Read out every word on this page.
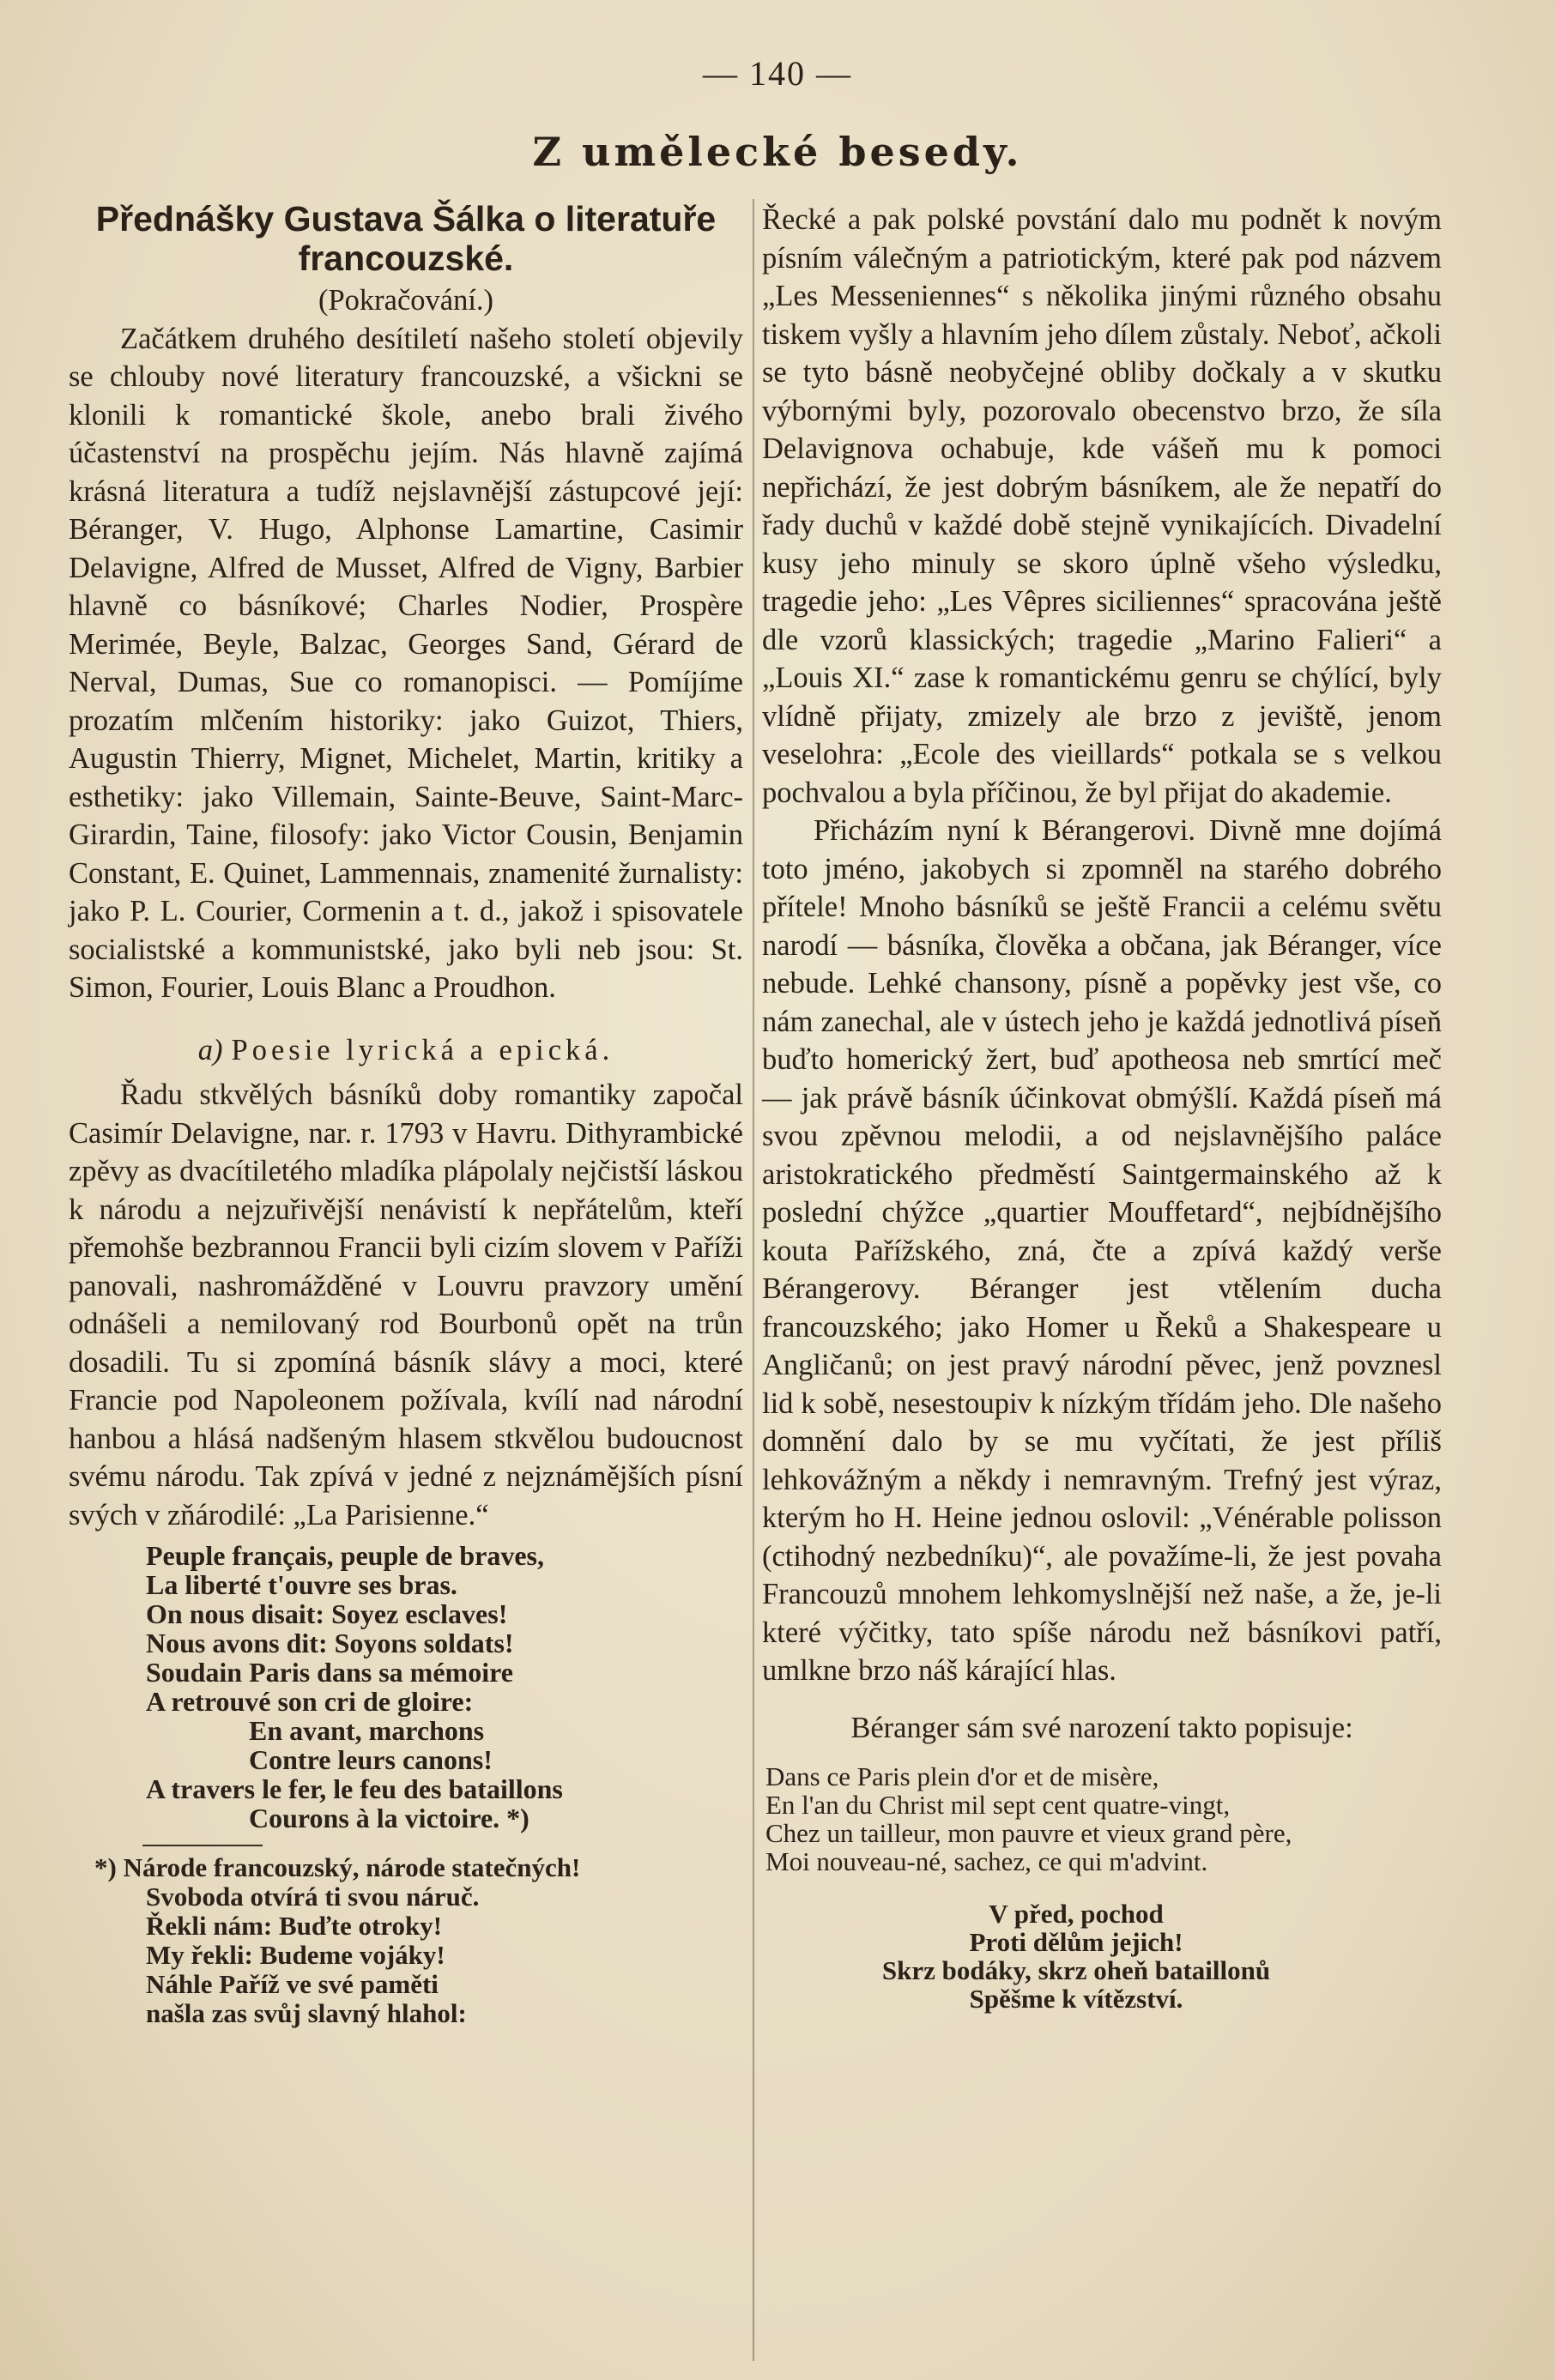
— 140 —
Z umělecké besedy.
Přednášky Gustava Šálka o literatuře francouzské.
(Pokračování.)

Začátkem druhého desítiletí našeho století objevily se chlouby nové literatury francouzské, a všickni se klonili k romantické škole, anebo brali živého účastenství na prospěchu jejím. Nás hlavně zajímá krásná literatura a tudíž nejslavnější zástupcové její: Béranger, V. Hugo, Alphonse Lamartine, Casimir Delavigne, Alfred de Musset, Alfred de Vigny, Barbier hlavně co básníkové; Charles Nodier, Prospère Merimée, Beyle, Balzac, Georges Sand, Gérard de Nerval, Dumas, Sue co romanopisci. — Pomíjíme prozatím mlčením historiky: jako Guizot, Thiers, Augustin Thierry, Mignet, Michelet, Martin, kritiky a esthetiky: jako Villemain, Sainte-Beuve, Saint-Marc-Girardin, Taine, filosofy: jako Victor Cousin, Benjamin Constant, E. Quinet, Lammennais, znamenité žurnalisty: jako P. L. Courier, Cormenin a t. d., jakož i spisovatele socialistské a kommunistské, jako byli neb jsou: St. Simon, Fourier, Louis Blanc a Proudhon.

a) Poesie lyrická a epická.

Řadu stkvělých básníků doby romantiky započal Casimír Delavigne, nar. r. 1793 v Havru. Dithyrambické zpěvy as dvacítiletého mladíka plápolaly nejčistší láskou k národu a nejzuřivější nenávistí k nepřátelům, kteří přemohše bezbrannou Francii byli cizím slovem v Paříži panovali, nashromážděné v Louvru pravzory umění odnášeli a nemilovaný rod Bourbonů opět na trůn dosadili. Tu si zpomíná básník slávy a moci, které Francie pod Napoleonem požívala, kvílí nad národní hanbou a hlásá nadšeným hlasem stkvělou budoucnost svému národu. Tak zpívá v jedné z nejznámějších písní svých v zňárodilé: „La Parisienne.“

Peuple français, peuple de braves,
La liberté t'ouvre ses bras.
On nous disait: Soyez esclaves!
Nous avons dit: Soyons soldats!
Soudain Paris dans sa mémoire
A retrouvé son cri de gloire:
En avant, marchons
Contre leurs canons!
A travers le fer, le feu des bataillons
Courons à la victoire. *)
*) Národe francouzský, národe statečných!
Svoboda otvírá ti svou náruč.
Řekli nám: Buďte otroky!
My řekli: Budeme vojáky!
Náhle Paříž ve své paměti
našla zas svůj slavný hlahol:

Řecké a pak polské povstání dalo mu podnět k novým písním válečným a patriotickým, které pak pod názvem „Les Messeniennes“ s několika jinými různého obsahu tiskem vyšly a hlavním jeho dílem zůstaly. Neboť, ačkoli se tyto básně neobyčejné obliby dočkaly a v skutku výbornými byly, pozorovalo obecenstvo brzo, že síla Delavignova ochabuje, kde vášeň mu k pomoci nepřichází, že jest dobrým básníkem, ale že nepatří do řady duchů v každé době stejně vynikajících. Divadelní kusy jeho minuly se skoro úplně všeho výsledku, tragedie jeho: „Les Vêpres siciliennes“ spracována ještě dle vzorů klassických; tragedie „Marino Falieri“ a „Louis XI.“ zase k romantickému genru se chýlící, byly vlídně přijaty, zmizely ale brzo z jeviště, jenom veselohra: „Ecole des vieillards“ potkala se s velkou pochvalou a byla příčinou, že byl přijat do akademie.

Přicházím nyní k Bérangerovi. Divně mne dojímá toto jméno, jakobych si zpomněl na starého dobrého přítele! Mnoho básníků se ještě Francii a celému světu narodí — básníka, člověka a občana, jak Béranger, více nebude. Lehké chansony, písně a popěvky jest vše, co nám zanechal, ale v ústech jeho je každá jednotlivá píseň buďto homerický žert, buď apotheosa neb smrtící meč — jak právě básník účinkovat obmýšlí. Každá píseň má svou zpěvnou melodii, a od nejslavnějšího paláce aristokratického předměstí Saintgermainského až k poslední chýžce „quartier Mouffetard“, nejbídnějšího kouta Pařížského, zná, čte a zpívá každý verše Bérangerovy. Béranger jest vtělením ducha francouzského; jako Homer u Řeků a Shakespeare u Angličanů; on jest pravý národní pěvec, jenž povznesl lid k sobě, nesestoupiv k nízkým třídám jeho. Dle našeho domnění dalo by se mu vyčítati, že jest příliš lehkovážným a někdy i nemravným. Trefný jest výraz, kterým ho H. Heine jednou oslovil: „Vénérable polisson (ctihodný nezbedníku)“, ale považíme-li, že jest povaha Francouzů mnohem lehkomyslnější než naše, a že, je-li které výčitky, tato spíše národu než básníkovi patří, umlkne brzo náš kárající hlas.

Béranger sám své narození takto popisuje:

Dans ce Paris plein d'or et de misère,
En l'an du Christ mil sept cent quatre-vingt,
Chez un tailleur, mon pauvre et vieux grand père,
Moi nouveau-né, sachez, ce qui m'advint.
V před, pochod
Proti dělům jejich!
Skrz bodáky, skrz oheň bataillonů
Spěšme k vítězství.
